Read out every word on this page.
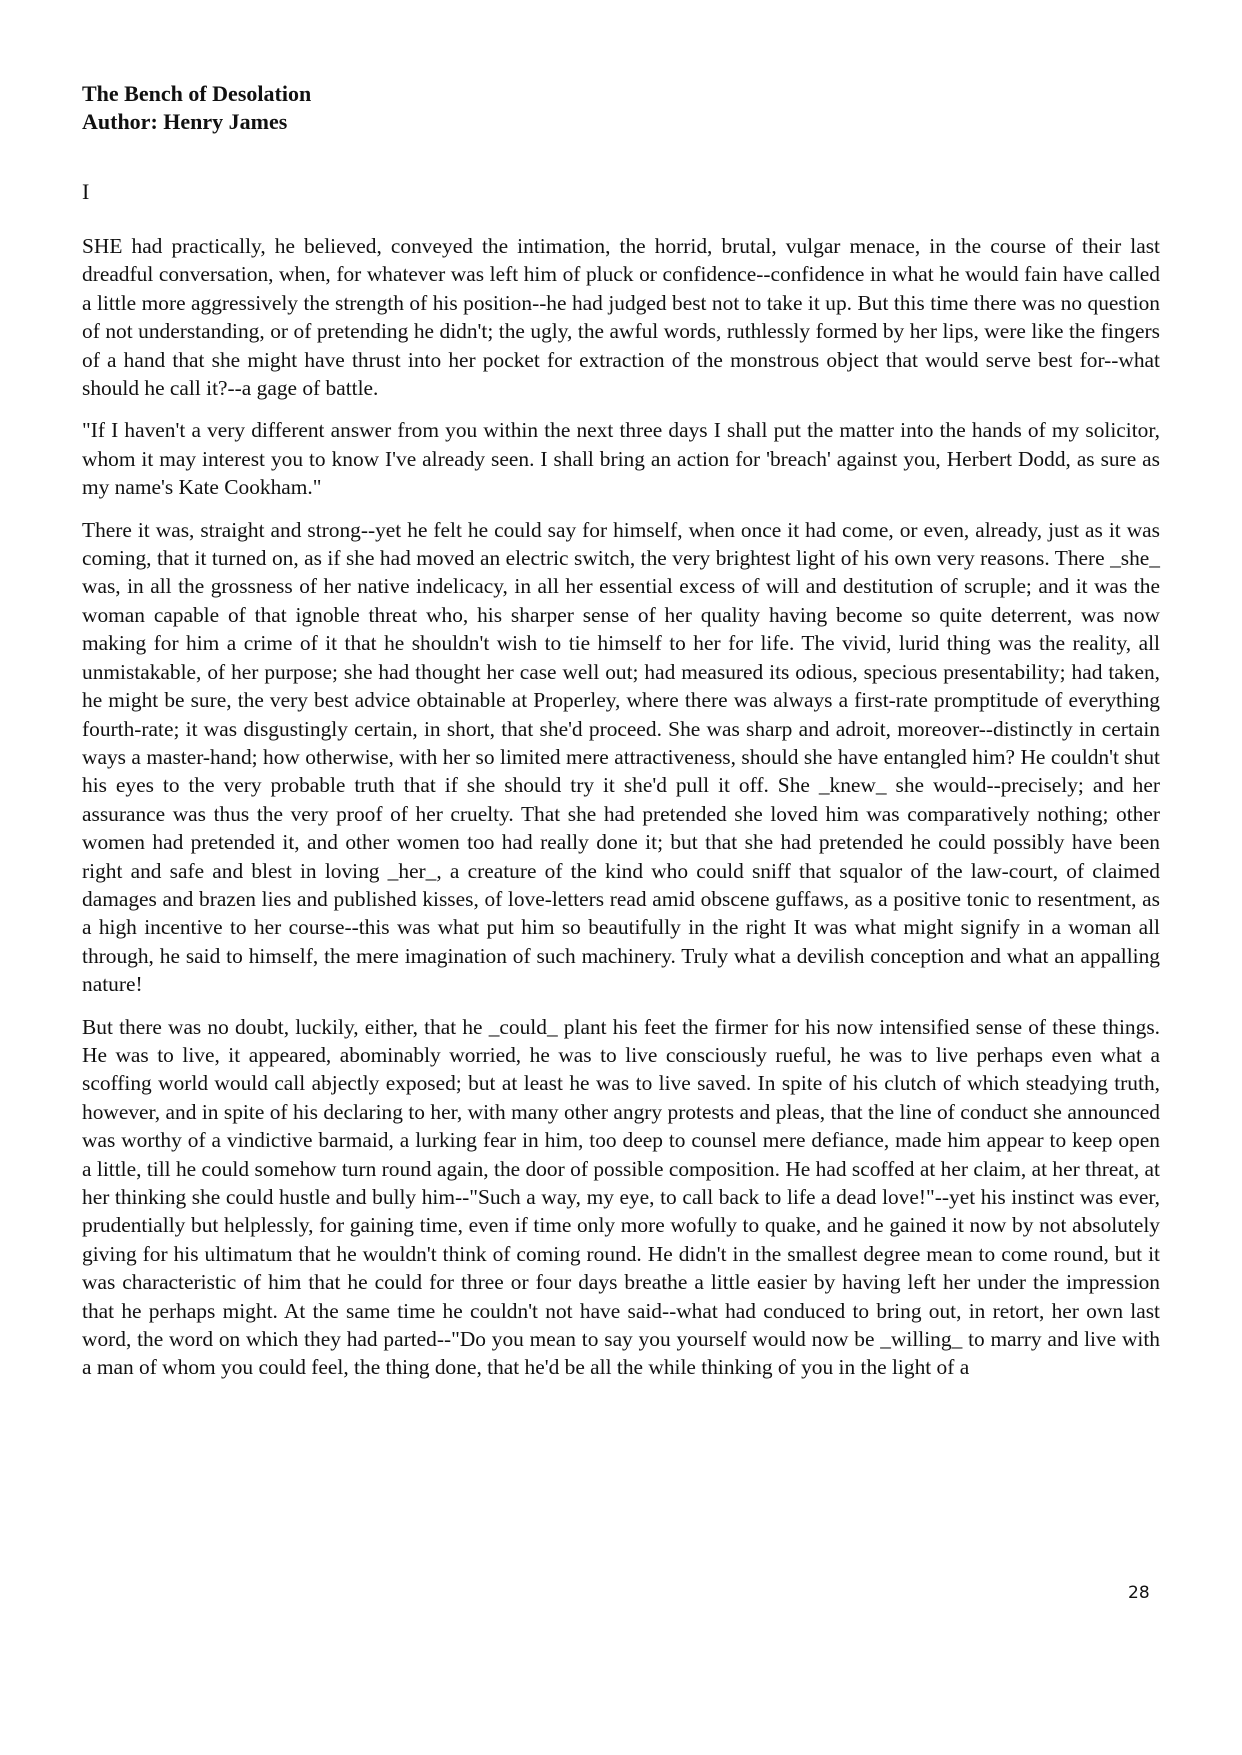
The Bench of Desolation
Author: Henry James
I

SHE had practically, he believed, conveyed the intimation, the horrid, brutal, vulgar menace, in the course of their last dreadful conversation, when, for whatever was left him of pluck or confidence--confidence in what he would fain have called a little more aggressively the strength of his position--he had judged best not to take it up. But this time there was no question of not understanding, or of pretending he didn't; the ugly, the awful words, ruthlessly formed by her lips, were like the fingers of a hand that she might have thrust into her pocket for extraction of the monstrous object that would serve best for--what should he call it?--a gage of battle.

"If I haven't a very different answer from you within the next three days I shall put the matter into the hands of my solicitor, whom it may interest you to know I've already seen. I shall bring an action for 'breach' against you, Herbert Dodd, as sure as my name's Kate Cookham."

There it was, straight and strong--yet he felt he could say for himself, when once it had come, or even, already, just as it was coming, that it turned on, as if she had moved an electric switch, the very brightest light of his own very reasons. There _she_ was, in all the grossness of her native indelicacy, in all her essential excess of will and destitution of scruple; and it was the woman capable of that ignoble threat who, his sharper sense of her quality having become so quite deterrent, was now making for him a crime of it that he shouldn't wish to tie himself to her for life. The vivid, lurid thing was the reality, all unmistakable, of her purpose; she had thought her case well out; had measured its odious, specious presentability; had taken, he might be sure, the very best advice obtainable at Properley, where there was always a first-rate promptitude of everything fourth-rate; it was disgustingly certain, in short, that she'd proceed. She was sharp and adroit, moreover--distinctly in certain ways a master-hand; how otherwise, with her so limited mere attractiveness, should she have entangled him? He couldn't shut his eyes to the very probable truth that if she should try it she'd pull it off. She _knew_ she would--precisely; and her assurance was thus the very proof of her cruelty. That she had pretended she loved him was comparatively nothing; other women had pretended it, and other women too had really done it; but that she had pretended he could possibly have been right and safe and blest in loving _her_, a creature of the kind who could sniff that squalor of the law-court, of claimed damages and brazen lies and published kisses, of love-letters read amid obscene guffaws, as a positive tonic to resentment, as a high incentive to her course--this was what put him so beautifully in the right It was what might signify in a woman all through, he said to himself, the mere imagination of such machinery. Truly what a devilish conception and what an appalling nature!

But there was no doubt, luckily, either, that he _could_ plant his feet the firmer for his now intensified sense of these things. He was to live, it appeared, abominably worried, he was to live consciously rueful, he was to live perhaps even what a scoffing world would call abjectly exposed; but at least he was to live saved. In spite of his clutch of which steadying truth, however, and in spite of his declaring to her, with many other angry protests and pleas, that the line of conduct she announced was worthy of a vindictive barmaid, a lurking fear in him, too deep to counsel mere defiance, made him appear to keep open a little, till he could somehow turn round again, the door of possible composition. He had scoffed at her claim, at her threat, at her thinking she could hustle and bully him--"Such a way, my eye, to call back to life a dead love!"--yet his instinct was ever, prudentially but helplessly, for gaining time, even if time only more wofully to quake, and he gained it now by not absolutely giving for his ultimatum that he wouldn't think of coming round. He didn't in the smallest degree mean to come round, but it was characteristic of him that he could for three or four days breathe a little easier by having left her under the impression that he perhaps might. At the same time he couldn't not have said--what had conduced to bring out, in retort, her own last word, the word on which they had parted--"Do you mean to say you yourself would now be _willing_ to marry and live with a man of whom you could feel, the thing done, that he'd be all the while thinking of you in the light of a

28
